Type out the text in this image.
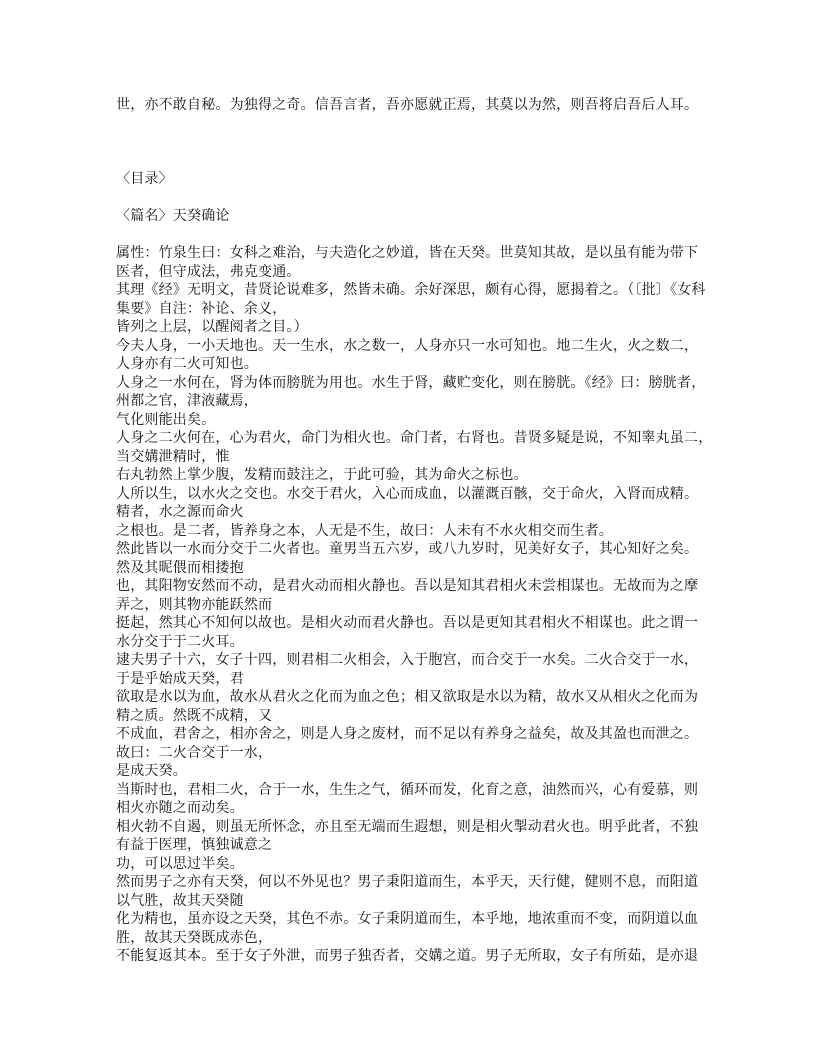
世，亦不敢自秘。为独得之奇。信吾言者，吾亦愿就正焉，其莫以为然，则吾将启吾后人耳。

〈目录〉

〈篇名〉天癸确论

属性：竹泉生曰：女科之难治，与夫造化之妙道，皆在天癸。世莫知其故，是以虽有能为带下
医者，但守成法，弗克变通。
其理《经》无明文，昔贤论说难多，然皆未确。余好深思，颇有心得，愿揭着之。（〔批〕《女科
集要》自注：补论、余义，
皆列之上层，以醒阅者之目。）
今夫人身，一小天地也。天一生水，水之数一，人身亦只一水可知也。地二生火，火之数二，
人身亦有二火可知也。
人身之一水何在，肾为体而膀胱为用也。水生于肾，藏贮变化，则在膀胱。《经》曰：膀胱者，
州都之官，津液藏焉，
气化则能出矣。
人身之二火何在，心为君火，命门为相火也。命门者，右肾也。昔贤多疑是说，不知睾丸虽二，
当交媾泄精时，惟
右丸勃然上掌少腹，发精而鼓注之，于此可验，其为命火之标也。
人所以生，以水火之交也。水交于君火，入心而成血，以灌溉百骸，交于命火，入肾而成精。
精者，水之源而命火
之根也。是二者，皆养身之本，人无是不生，故曰：人未有不水火相交而生者。
然此皆以一水而分交于二火者也。童男当五六岁，或八九岁时，见美好女子，其心知好之矣。
然及其昵偎而相搂抱
也，其阳物安然而不动，是君火动而相火静也。吾以是知其君相火未尝相谋也。无故而为之摩
弄之，则其物亦能跃然而
挺起，然其心不知何以故也。是相火动而君火静也。吾以是更知其君相火不相谋也。此之谓一
水分交于于二火耳。
逮夫男子十六，女子十四，则君相二火相会，入于胞宫，而合交于一水矣。二火合交于一水，
于是乎始成天癸，君
欲取是水以为血，故水从君火之化而为血之色；相又欲取是水以为精，故水又从相火之化而为
精之质。然既不成精，又
不成血，君舍之，相亦舍之，则是人身之废材，而不足以有养身之益矣，故及其盈也而泄之。
故曰：二火合交于一水，
是成天癸。
当斯时也，君相二火，合于一水，生生之气，循环而发，化育之意，油然而兴，心有爱慕，则
相火亦随之而动矣。
相火勃不自遏，则虽无所怀念，亦且至无端而生遐想，则是相火掣动君火也。明乎此者，不独
有益于医理，慎独诚意之
功，可以思过半矣。
然而男子之亦有天癸，何以不外见也？男子秉阳道而生，本乎天，天行健，健则不息，而阳道
以气胜，故其天癸随
化为精也，虽亦设之天癸，其色不赤。女子秉阴道而生，本乎地，地浓重而不变，而阴道以血
胜，故其天癸既成赤色，
不能复返其本。至于女子外泄，而男子独否者，交媾之道。男子无所取，女子有所茹，是亦退
